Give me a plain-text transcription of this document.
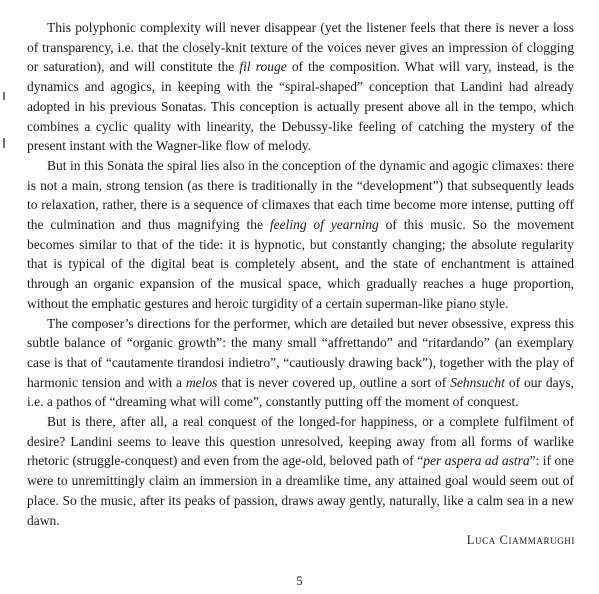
This polyphonic complexity will never disappear (yet the listener feels that there is never a loss of transparency, i.e. that the closely-knit texture of the voices never gives an impression of clogging or saturation), and will constitute the fil rouge of the composition. What will vary, instead, is the dynamics and agogics, in keeping with the “spiral-shaped” conception that Landini had already adopted in his previous Sonatas. This conception is actually present above all in the tempo, which combines a cyclic quality with linearity, the Debussy-like feeling of catching the mystery of the present instant with the Wagner-like flow of melody.

But in this Sonata the spiral lies also in the conception of the dynamic and agogic climaxes: there is not a main, strong tension (as there is traditionally in the “development”) that subsequently leads to relaxation, rather, there is a sequence of climaxes that each time become more intense, putting off the culmination and thus magnifying the feeling of yearning of this music. So the movement becomes similar to that of the tide: it is hypnotic, but constantly changing; the absolute regularity that is typical of the digital beat is completely absent, and the state of enchantment is attained through an organic expansion of the musical space, which gradually reaches a huge proportion, without the emphatic gestures and heroic turgidity of a certain superman-like piano style.

The composer’s directions for the performer, which are detailed but never obsessive, express this subtle balance of “organic growth”: the many small “affrettando” and “ritardando” (an exemplary case is that of “cautamente tirandosi indietro”, “cautiously drawing back”), together with the play of harmonic tension and with a melos that is never covered up, outline a sort of Sehnsucht of our days, i.e. a pathos of “dreaming what will come”, constantly putting off the moment of conquest.

But is there, after all, a real conquest of the longed-for happiness, or a complete fulfilment of desire? Landini seems to leave this question unresolved, keeping away from all forms of warlike rhetoric (struggle-conquest) and even from the age-old, beloved path of “per aspera ad astra”: if one were to unremittingly claim an immersion in a dreamlike time, any attained goal would seem out of place. So the music, after its peaks of passion, draws away gently, naturally, like a calm sea in a new dawn.

Luca Ciammarughi
5
